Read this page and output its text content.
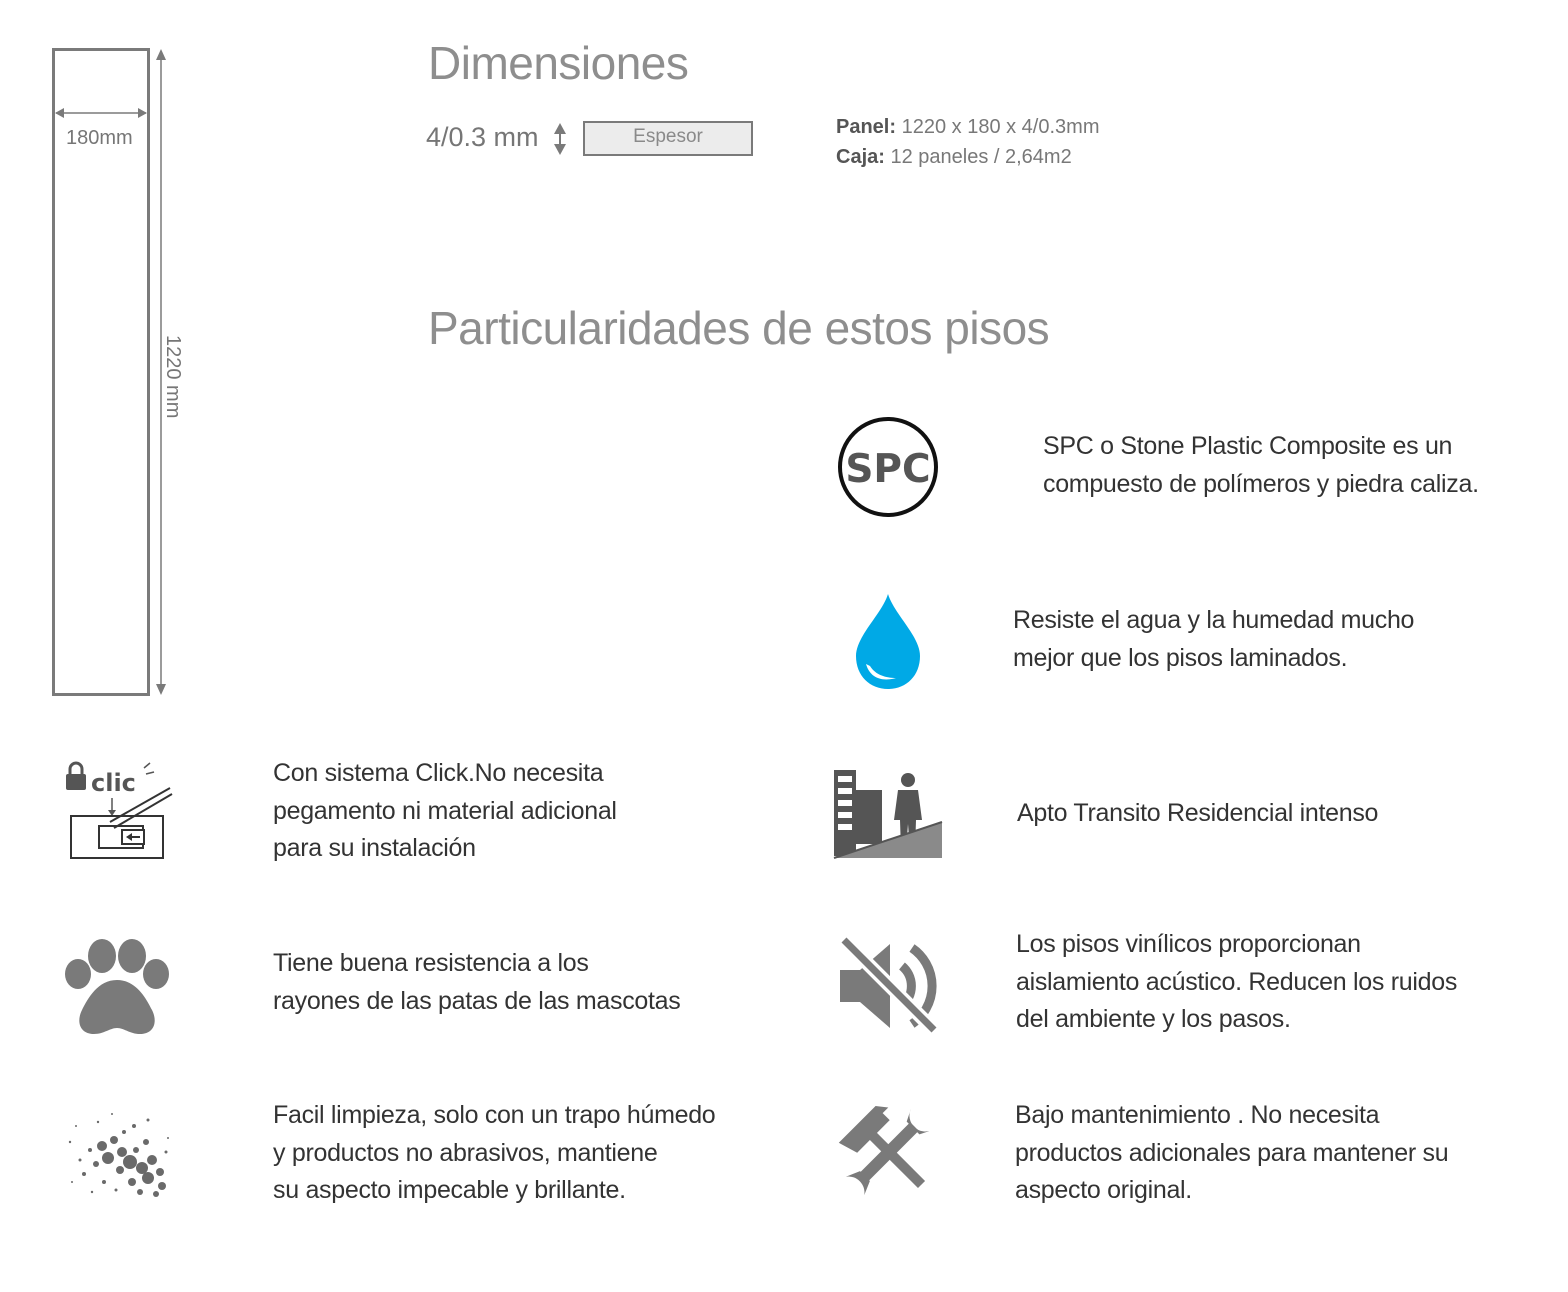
180mm
1220 mm
Dimensiones
4/0.3 mm	Espesor	Panel: 1220 x 180 x 4/0.3mm
Caja: 12 paneles / 2,64m2
Particularidades de estos pisos
SPC
SPC o Stone Plastic Composite es un
compuesto de polímeros y piedra caliza.
Resiste el agua y la humedad mucho
mejor que los pisos laminados.
clic	Con sistema Click.No necesita
pegamento ni material adicional
para su instalación
Apto Transito Residencial intenso
Tiene buena resistencia a los
rayones de las patas de las mascotas
Los pisos vinílicos proporcionan
aislamiento acústico. Reducen los ruidos
del ambiente y los pasos.
Facil limpieza, solo con un trapo húmedo
y productos no abrasivos, mantiene
su aspecto impecable y brillante.
Bajo mantenimiento . No necesita
productos adicionales para mantener su
aspecto original.
